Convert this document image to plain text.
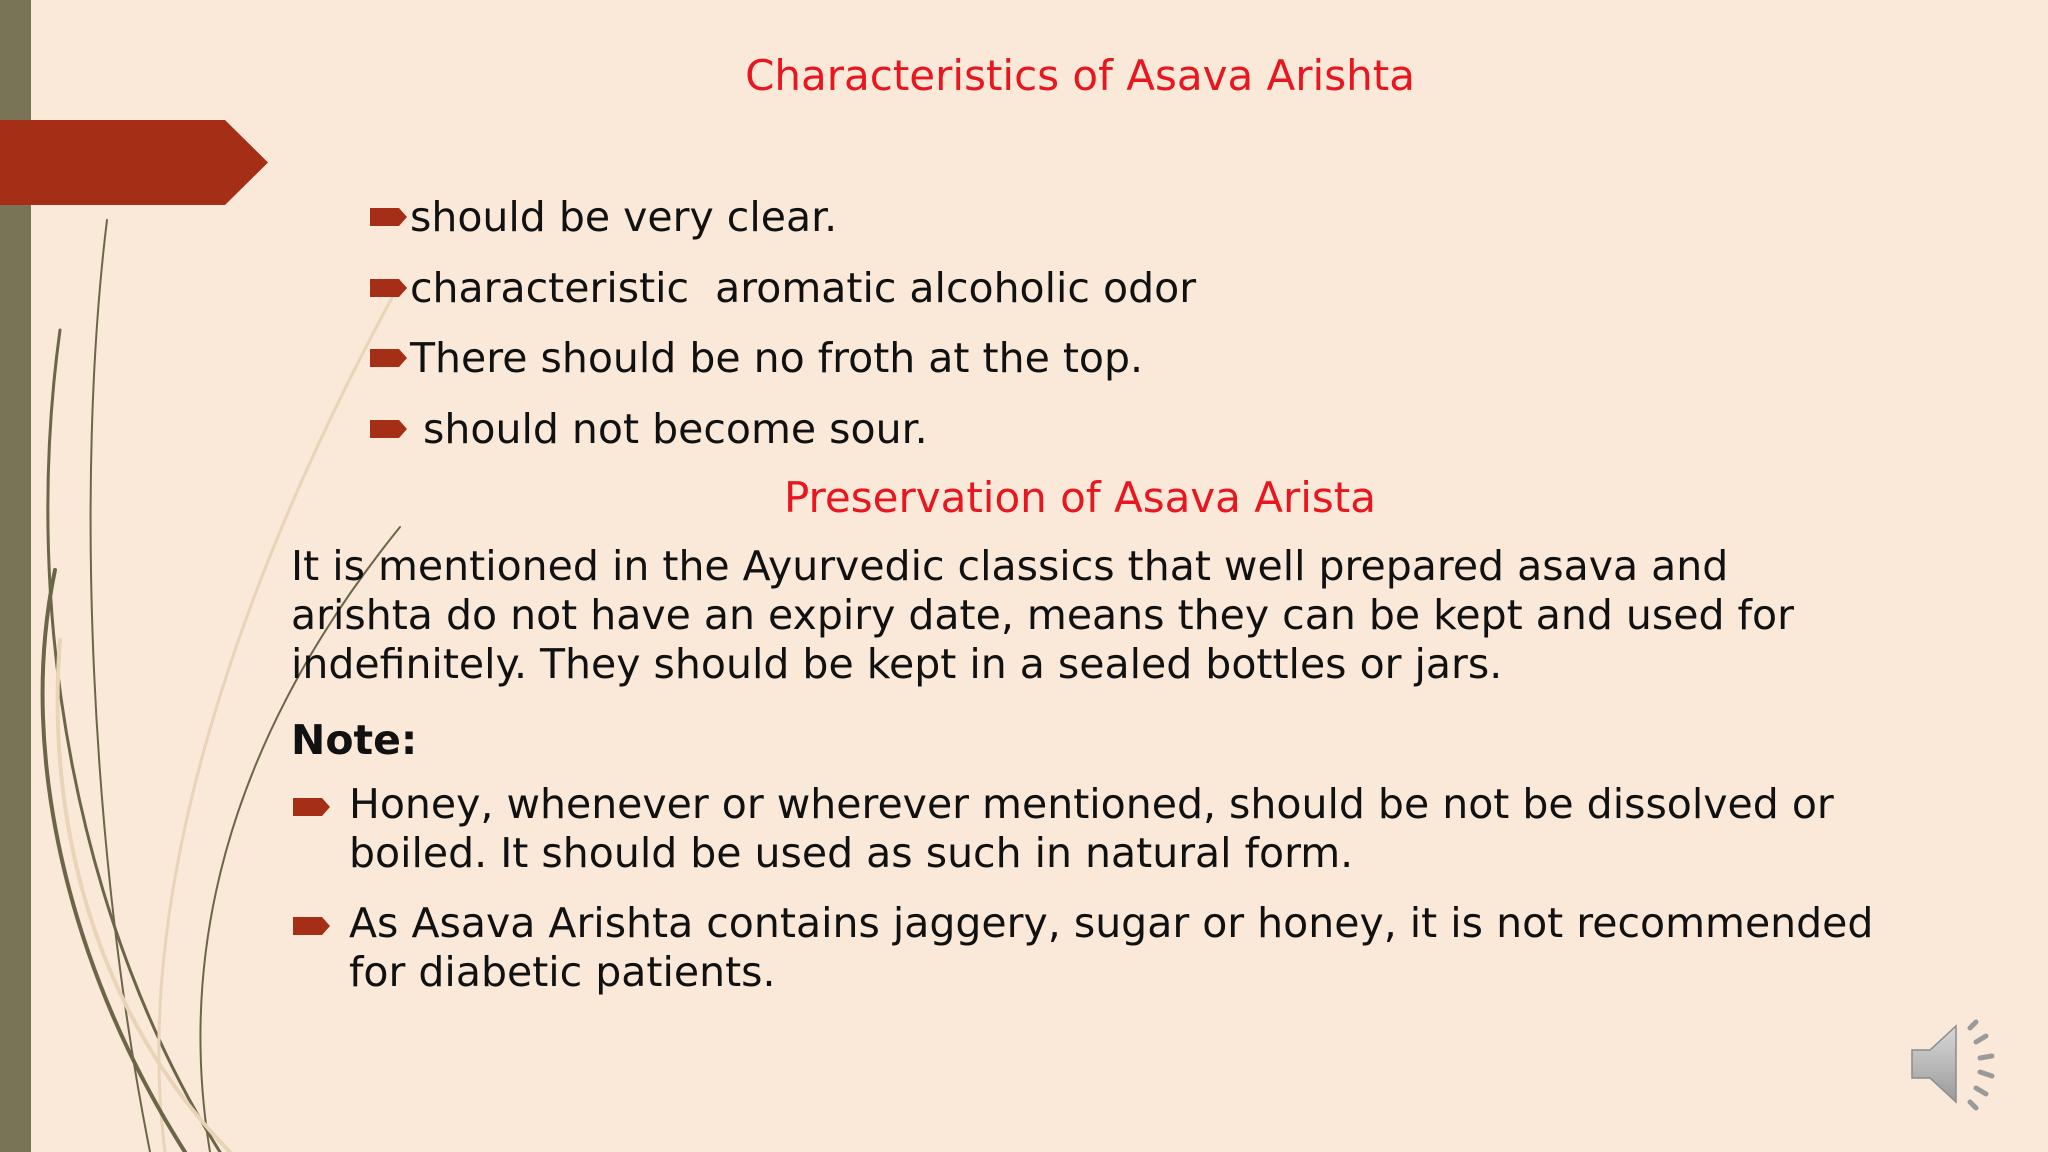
Characteristics of Asava Arishta
should be very clear.
characteristic  aromatic alcoholic odor
There should be no froth at the top.
should not become sour.
Preservation of Asava Arista

It is mentioned in the Ayurvedic classics that well prepared asava and arishta do not have an expiry date, means they can be kept and used for indefinitely. They should be kept in a sealed bottles or jars.

Note:

Honey, whenever or wherever mentioned, should be not be dissolved or boiled. It should be used as such in natural form.
As Asava Arishta contains jaggery, sugar or honey, it is not recommended for diabetic patients.
